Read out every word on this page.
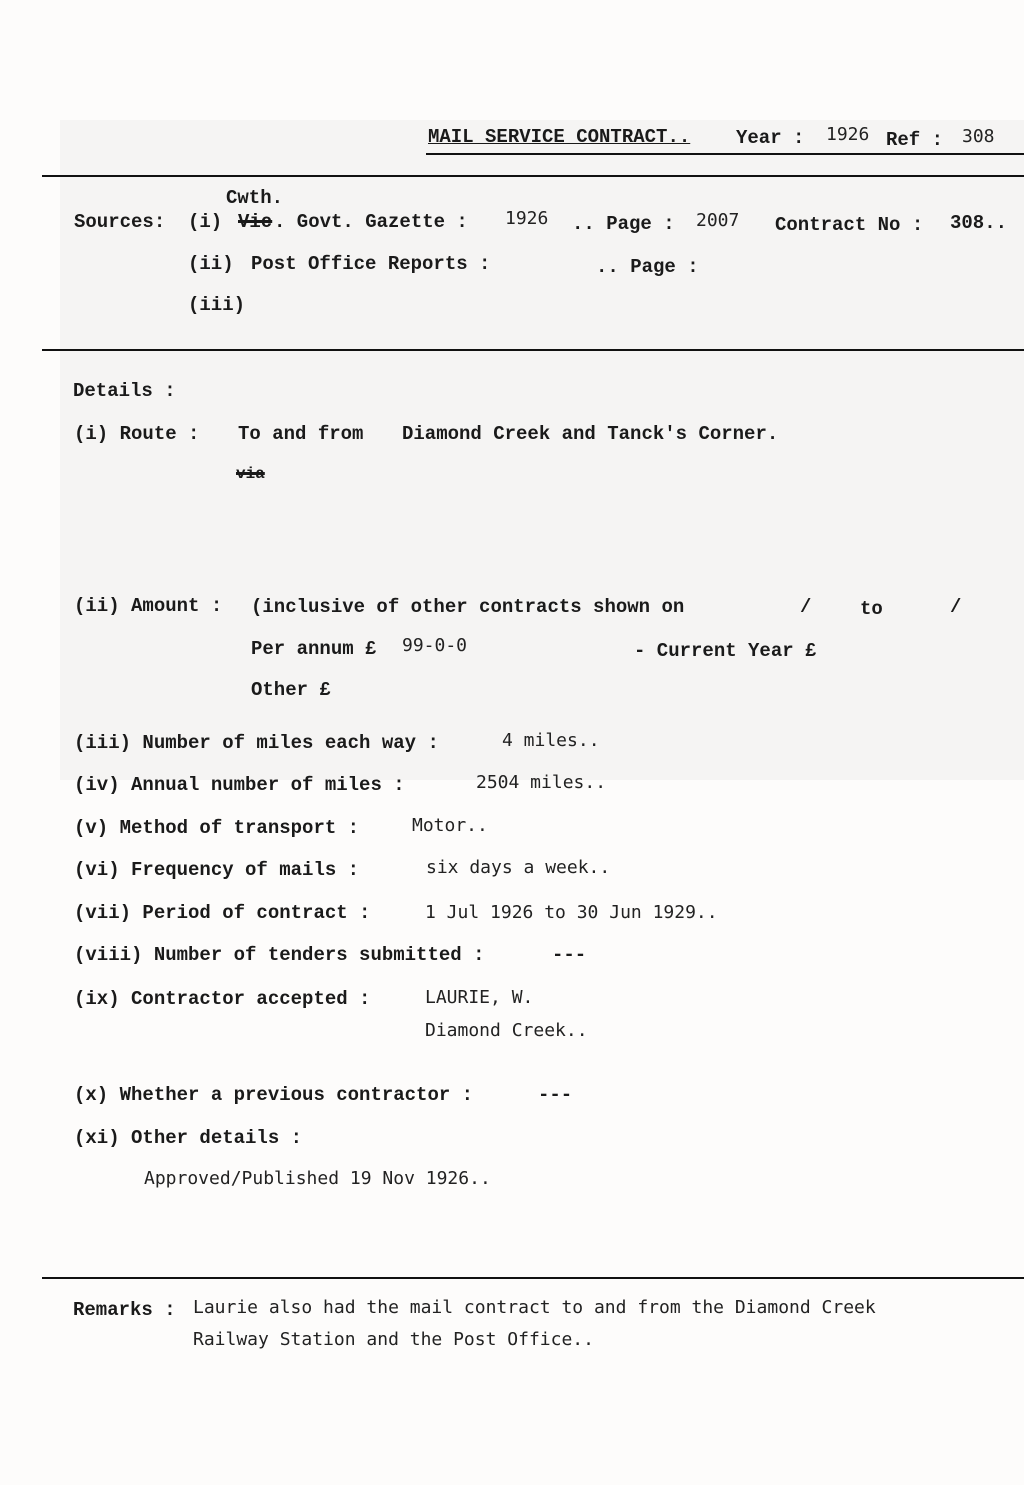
MAIL SERVICE CONTRACT.. Year : 1926 Ref : 308
Cwth.
Sources: (i) Vic . Govt. Gazette : 1926 .. Page : 2007 Contract No : 308..
(ii) Post Office Reports :	.. Page :
(iii)
Details :
(i) Route : To and from Diamond Creek and Tanck's Corner.
via
(ii) Amount : (inclusive of other contracts shown on	/	to	/
Per annum £ 99-0-0	- Current Year £
Other £
(iii) Number of miles each way :	4 miles..
(iv) Annual number of miles :	2504 miles..
(v) Method of transport :	Motor..
(vi) Frequency of mails :	six days a week..
(vii) Period of contract :	1 Jul 1926 to 30 Jun 1929..
(viii) Number of tenders submitted :	---
(ix) Contractor accepted :	LAURIE, W.
Diamond Creek..
(x) Whether a previous contractor :	---
(xi) Other details :
Approved/Published 19 Nov 1926..
Remarks : Laurie also had the mail contract to and from the Diamond Creek
Railway Station and the Post Office..
